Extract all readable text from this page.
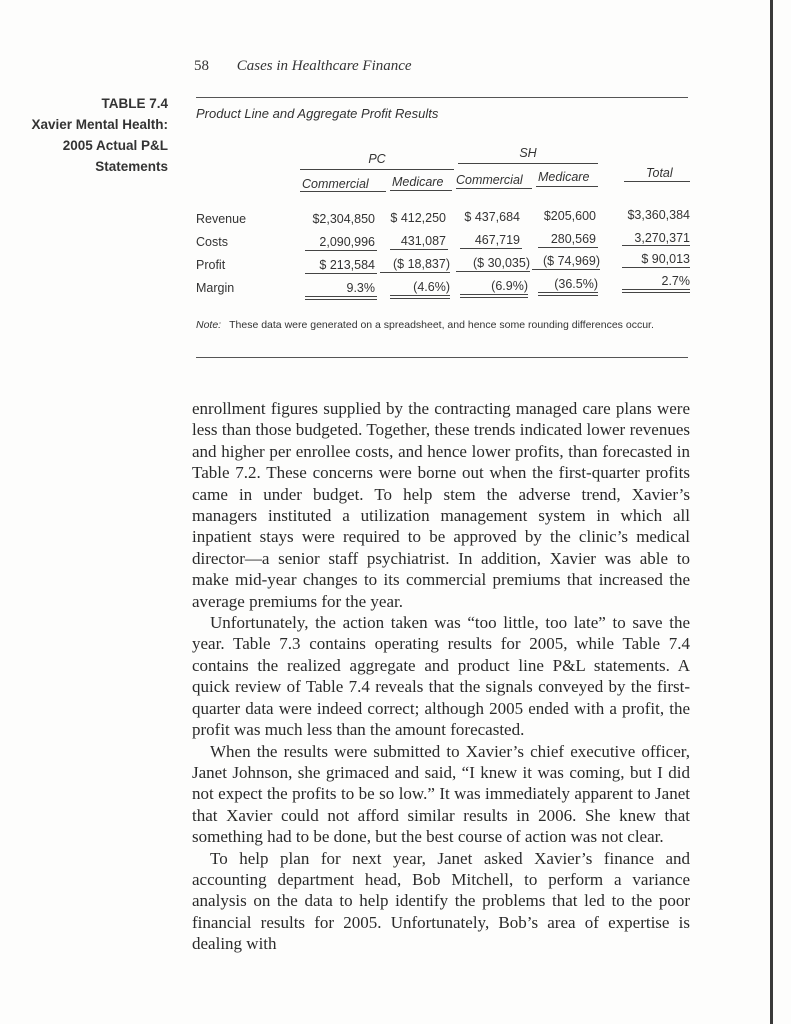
58 Cases in Healthcare Finance
TABLE 7.4
Xavier Mental Health:
2005 Actual P&L
Statements
Product Line and Aggregate Profit Results
PC	SH
Commercial Medicare Commercial Medicare	Total
Revenue
Costs
Profit
Margin
$2,304,850
2,090,996
$ 213,584
9.3%
$ 412,250
431,087
($ 18,837)
(4.6%)
$ 437,684
467,719
($ 30,035)
(6.9%)
$205,600
280,569
($ 74,969)
(36.5%)
$3,360,384
3,270,371
$ 90,013
2.7%
Note: These data were generated on a spreadsheet, and hence some rounding differences occur.

enrollment figures supplied by the contracting managed care plans were less than those budgeted. Together, these trends indicated lower revenues and higher per enrollee costs, and hence lower profits, than forecasted in Table 7.2. These concerns were borne out when the first-quarter profits came in under budget. To help stem the adverse trend, Xavier’s managers instituted a utilization management system in which all inpatient stays were required to be approved by the clinic’s medical director—a senior staff psychiatrist. In addition, Xavier was able to make mid-year changes to its commercial premiums that increased the average premiums for the year.

Unfortunately, the action taken was “too little, too late” to save the year. Table 7.3 contains operating results for 2005, while Table 7.4 contains the realized aggregate and product line P&L statements. A quick review of Table 7.4 reveals that the signals conveyed by the first-quarter data were indeed correct; although 2005 ended with a profit, the profit was much less than the amount forecasted.

When the results were submitted to Xavier’s chief executive officer, Janet Johnson, she grimaced and said, “I knew it was coming, but I did not expect the profits to be so low.” It was immediately apparent to Janet that Xavier could not afford similar results in 2006. She knew that something had to be done, but the best course of action was not clear.

To help plan for next year, Janet asked Xavier’s finance and accounting department head, Bob Mitchell, to perform a variance analysis on the data to help identify the problems that led to the poor financial results for 2005. Unfortunately, Bob’s area of expertise is dealing with
